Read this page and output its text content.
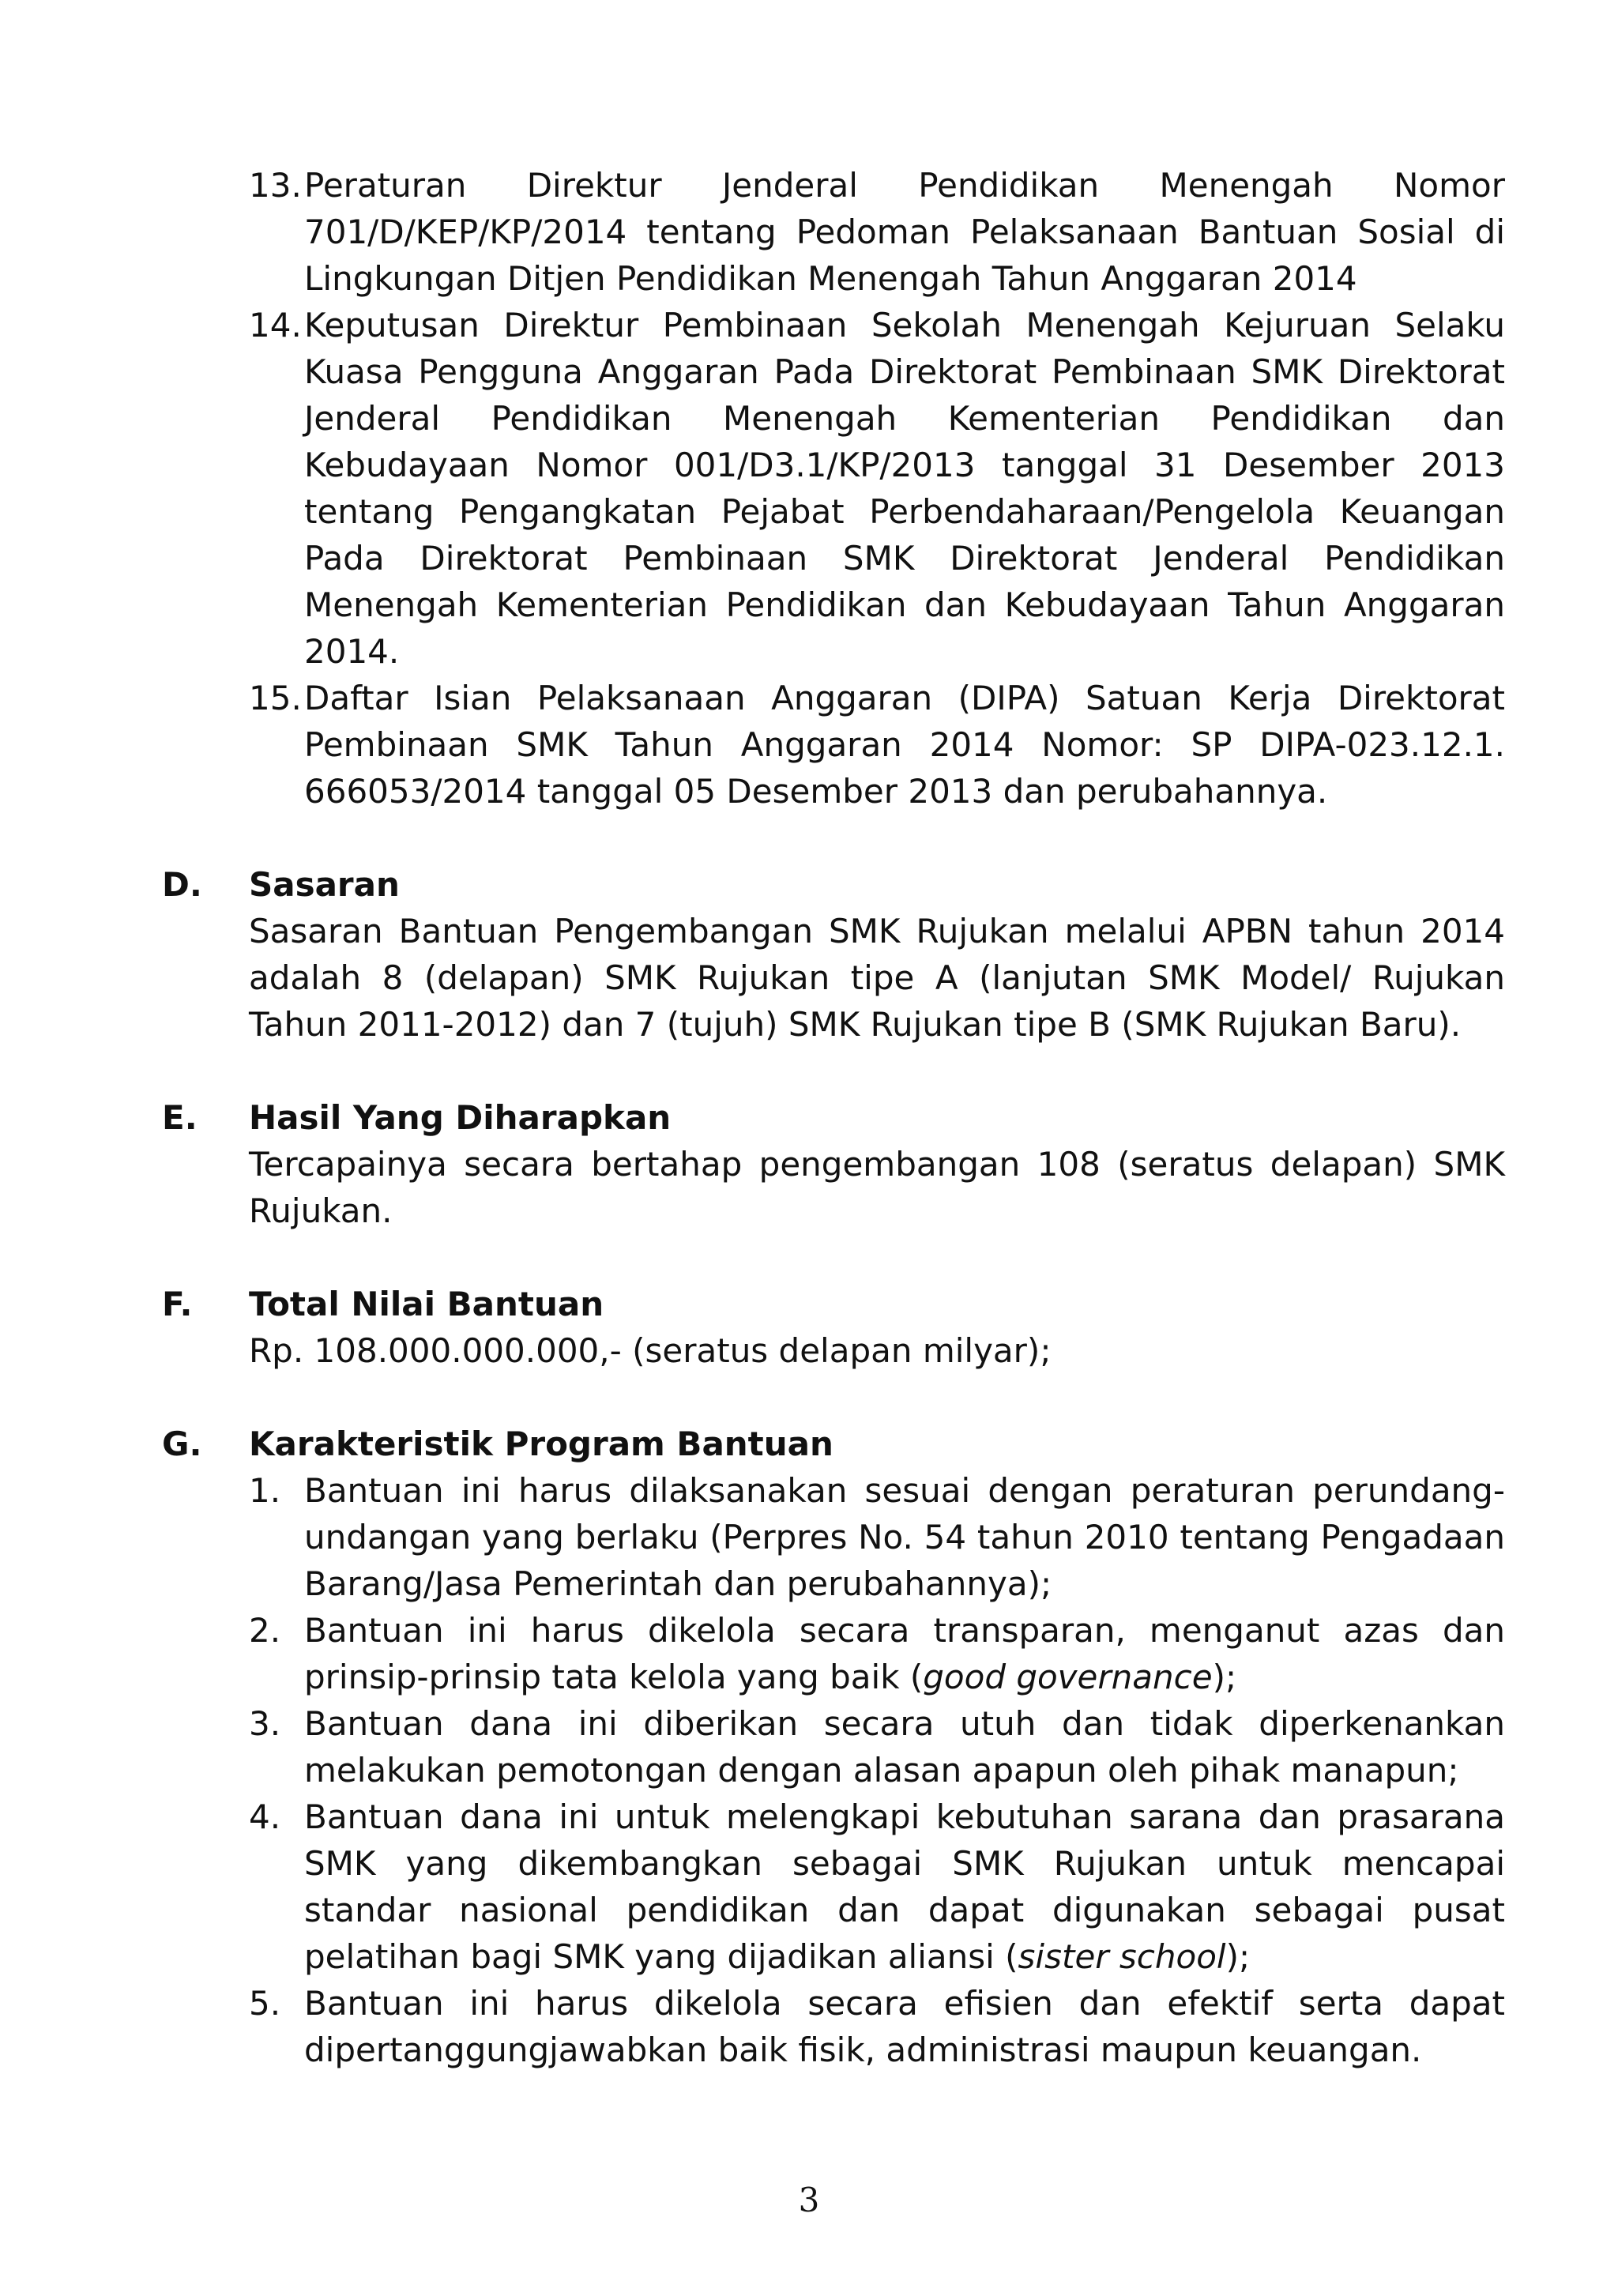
13. Peraturan Direktur Jenderal Pendidikan Menengah Nomor 701/D/KEP/KP/2014 tentang Pedoman Pelaksanaan Bantuan Sosial di Lingkungan Ditjen Pendidikan Menengah Tahun Anggaran 2014

14. Keputusan Direktur Pembinaan Sekolah Menengah Kejuruan Selaku Kuasa Pengguna Anggaran Pada Direktorat Pembinaan SMK Direktorat Jenderal Pendidikan Menengah Kementerian Pendidikan dan Kebudayaan Nomor 001/D3.1/KP/2013 tanggal 31 Desember 2013 tentang Pengangkatan Pejabat Perbendaharaan/Pengelola Keuangan Pada Direktorat Pembinaan SMK Direktorat Jenderal Pendidikan Menengah Kementerian Pendidikan dan Kebudayaan Tahun Anggaran 2014.

15. Daftar Isian Pelaksanaan Anggaran (DIPA) Satuan Kerja Direktorat Pembinaan SMK Tahun Anggaran 2014 Nomor: SP DIPA-023.12.1. 666053/2014 tanggal 05 Desember 2013 dan perubahannya.

D. Sasaran

Sasaran Bantuan Pengembangan SMK Rujukan melalui APBN tahun 2014 adalah 8 (delapan) SMK Rujukan tipe A (lanjutan SMK Model/ Rujukan Tahun 2011-2012) dan 7 (tujuh) SMK Rujukan tipe B (SMK Rujukan Baru).

E. Hasil Yang Diharapkan

Tercapainya secara bertahap pengembangan 108 (seratus delapan) SMK Rujukan.

F. Total Nilai Bantuan

Rp. 108.000.000.000,- (seratus delapan milyar);

G. Karakteristik Program Bantuan

1. Bantuan ini harus dilaksanakan sesuai dengan peraturan perundang-undangan yang berlaku (Perpres No. 54 tahun 2010 tentang Pengadaan Barang/Jasa Pemerintah dan perubahannya);

2. Bantuan ini harus dikelola secara transparan, menganut azas dan prinsip-prinsip tata kelola yang baik (good governance);

3. Bantuan dana ini diberikan secara utuh dan tidak diperkenankan melakukan pemotongan dengan alasan apapun oleh pihak manapun;

4. Bantuan dana ini untuk melengkapi kebutuhan sarana dan prasarana SMK yang dikembangkan sebagai SMK Rujukan untuk mencapai standar nasional pendidikan dan dapat digunakan sebagai pusat pelatihan bagi SMK yang dijadikan aliansi (sister school);

5. Bantuan ini harus dikelola secara efisien dan efektif serta dapat dipertanggungjawabkan baik fisik, administrasi maupun keuangan.

3
